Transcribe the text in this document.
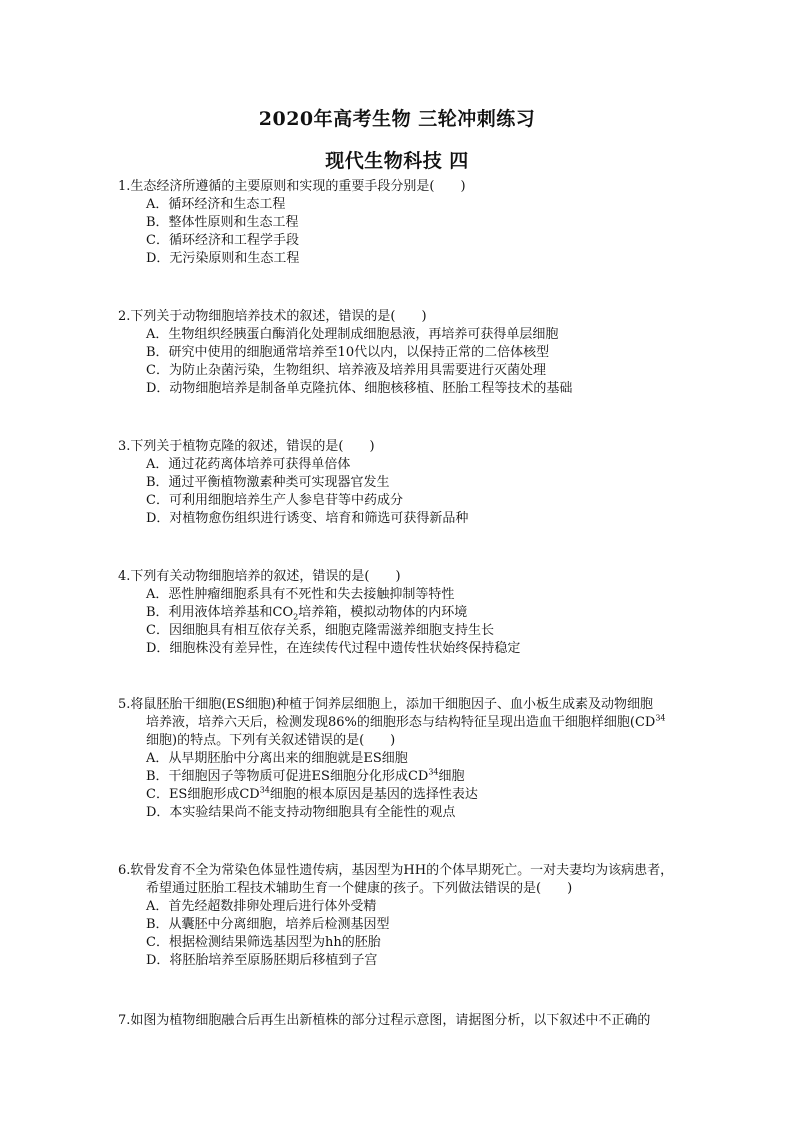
2020年高考生物 三轮冲刺练习
现代生物科技 四
1.生态经济所遵循的主要原则和实现的重要手段分别是(　　)
A．循环经济和生态工程
B．整体性原则和生态工程
C．循环经济和工程学手段
D．无污染原则和生态工程
2.下列关于动物细胞培养技术的叙述，错误的是(　　)
A．生物组织经胰蛋白酶消化处理制成细胞悬液，再培养可获得单层细胞
B．研究中使用的细胞通常培养至10代以内，以保持正常的二倍体核型
C．为防止杂菌污染，生物组织、培养液及培养用具需要进行灭菌处理
D．动物细胞培养是制备单克隆抗体、细胞核移植、胚胎工程等技术的基础
3.下列关于植物克隆的叙述，错误的是(　　)
A．通过花药离体培养可获得单倍体
B．通过平衡植物激素种类可实现器官发生
C．可利用细胞培养生产人参皂苷等中药成分
D．对植物愈伤组织进行诱变、培育和筛选可获得新品种
4.下列有关动物细胞培养的叙述，错误的是(　　)
A．恶性肿瘤细胞系具有不死性和失去接触抑制等特性
B．利用液体培养基和$CO_2$培养箱，模拟动物体的内环境
C．因细胞具有相互依存关系，细胞克隆需滋养细胞支持生长
D．细胞株没有差异性，在连续传代过程中遗传性状始终保持稳定
5.将鼠胚胎干细胞(ES细胞)种植于饲养层细胞上，添加干细胞因子、血小板生成素及动物细胞
培养液，培养六天后，检测发现86%的细胞形态与结构特征呈现出造血干细胞样细胞(CD$^{34}$
细胞)的特点。下列有关叙述错误的是(　　)
A．从早期胚胎中分离出来的细胞就是ES细胞
B．干细胞因子等物质可促进ES细胞分化形成CD$^{34}$细胞
C．ES细胞形成CD$^{34}$细胞的根本原因是基因的选择性表达
D．本实验结果尚不能支持动物细胞具有全能性的观点
6.软骨发育不全为常染色体显性遗传病，基因型为HH的个体早期死亡。一对夫妻均为该病患者，
希望通过胚胎工程技术辅助生育一个健康的孩子。下列做法错误的是(　　)
A．首先经超数排卵处理后进行体外受精
B．从囊胚中分离细胞，培养后检测基因型
C．根据检测结果筛选基因型为hh的胚胎
D．将胚胎培养至原肠胚期后移植到子宫
7.如图为植物细胞融合后再生出新植株的部分过程示意图，请据图分析，以下叙述中不正确的
